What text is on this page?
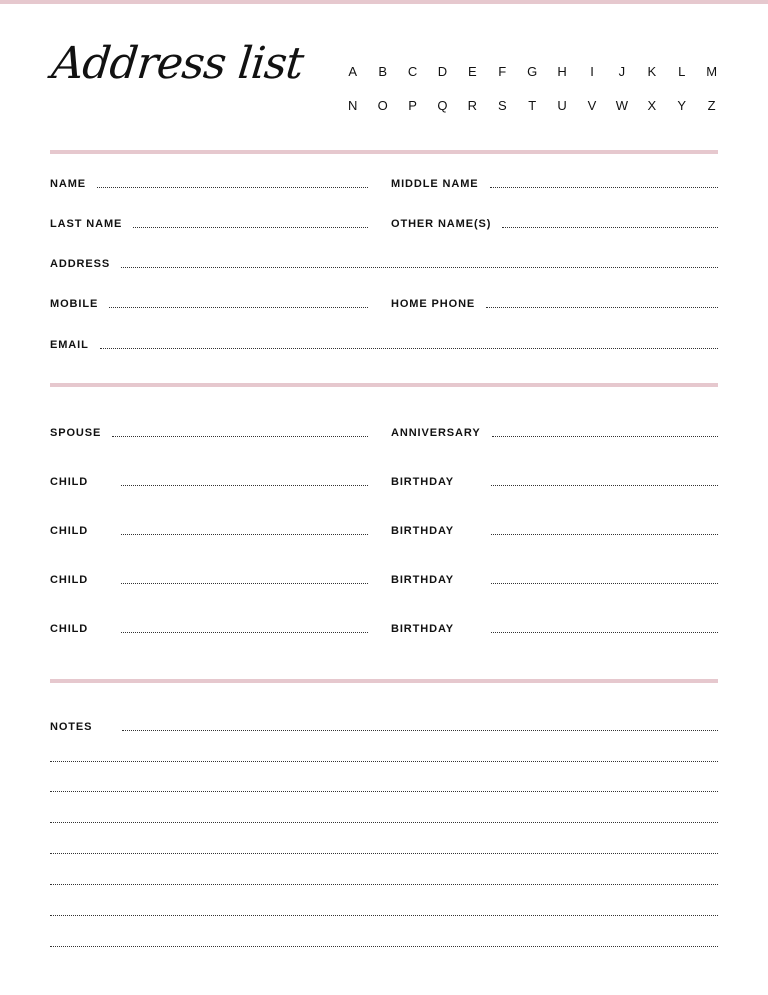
Address list	A	B	C	D	E	F	G	H	I	J	K	L	M
N	O	P	Q	R	S	T	U	V	W	X	Y	Z
NAME	MIDDLE NAME
LAST NAME	OTHER NAME(S)
ADDRESS
MOBILE	HOME PHONE
EMAIL
SPOUSE	ANNIVERSARY
CHILD	BIRTHDAY
CHILD	BIRTHDAY
CHILD	BIRTHDAY
CHILD	BIRTHDAY
NOTES
